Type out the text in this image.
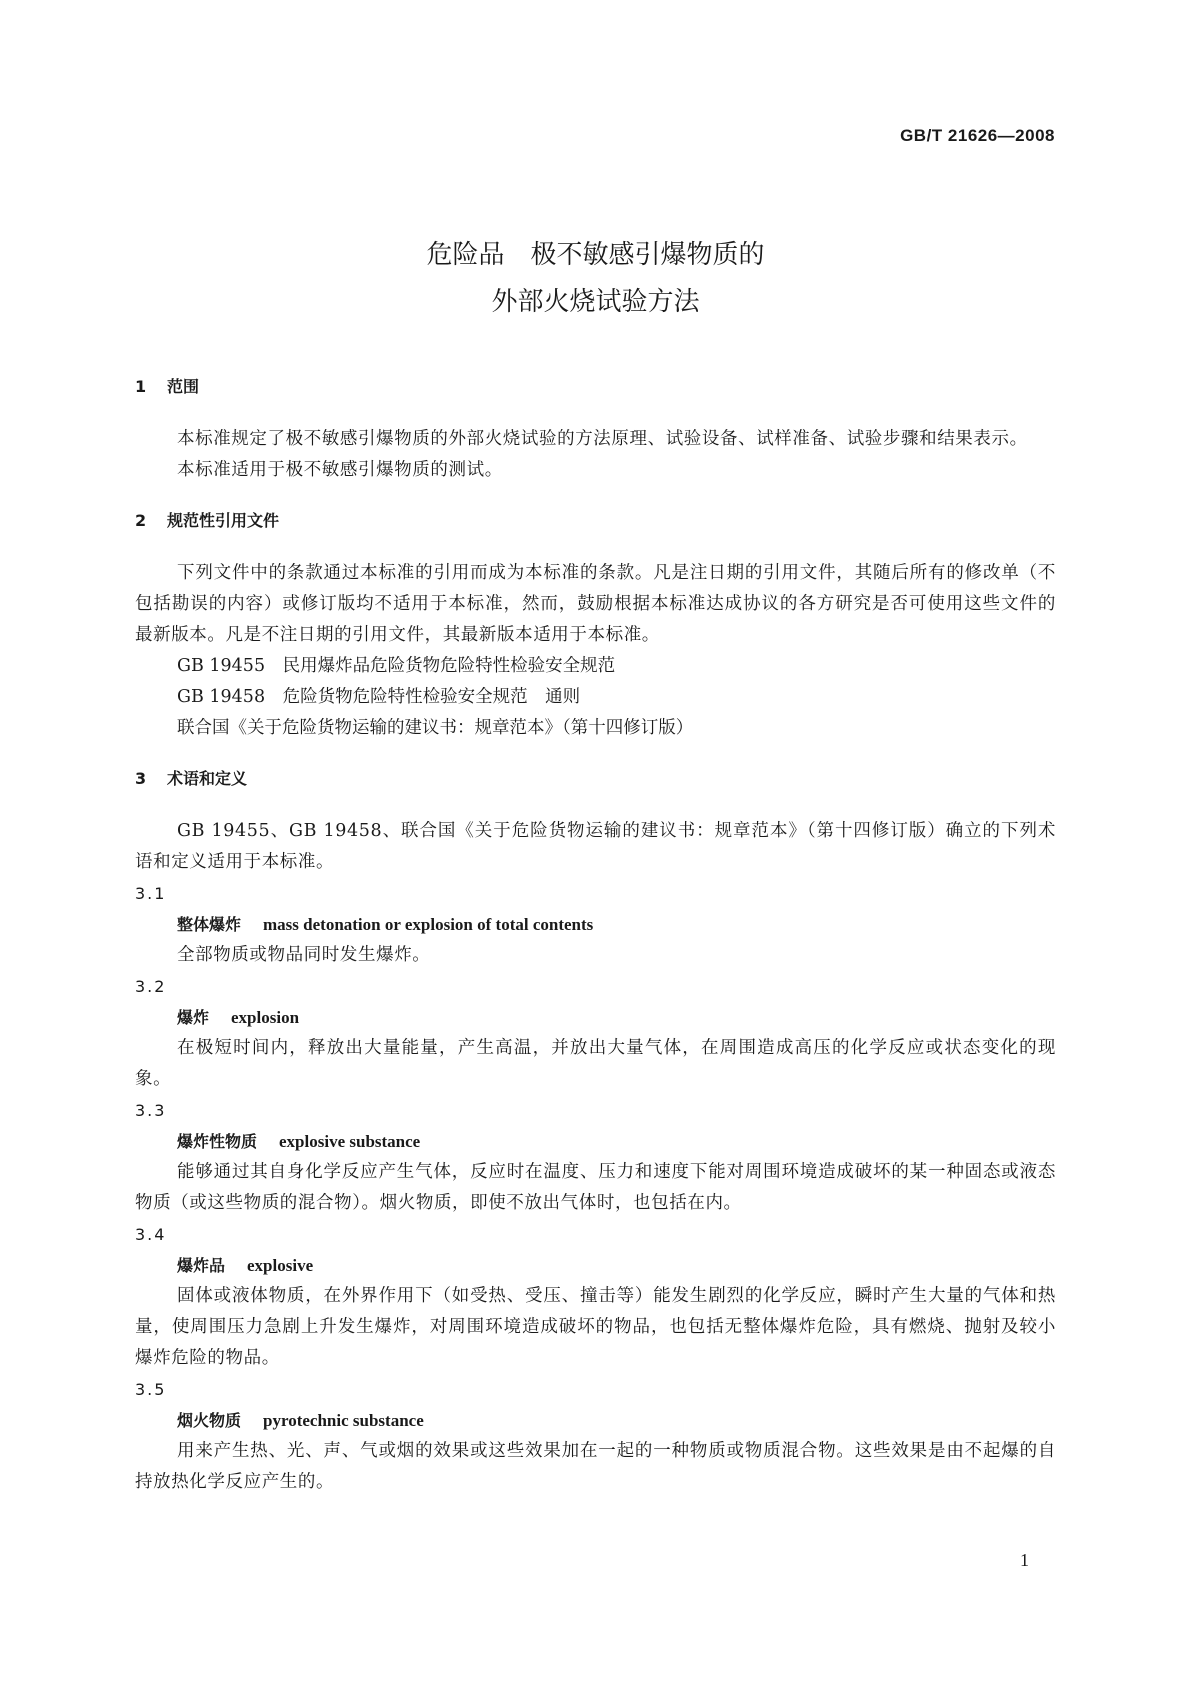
GB/T 21626—2008
危险品　极不敏感引爆物质的
外部火烧试验方法
1 范围
本标准规定了极不敏感引爆物质的外部火烧试验的方法原理、试验设备、试样准备、试验步骤和结果表示。
本标准适用于极不敏感引爆物质的测试。
2 规范性引用文件
下列文件中的条款通过本标准的引用而成为本标准的条款。凡是注日期的引用文件，其随后所有的修改单（不包括勘误的内容）或修订版均不适用于本标准，然而，鼓励根据本标准达成协议的各方研究是否可使用这些文件的最新版本。凡是不注日期的引用文件，其最新版本适用于本标准。
GB 19455　民用爆炸品危险货物危险特性检验安全规范
GB 19458　危险货物危险特性检验安全规范　通则
联合国《关于危险货物运输的建议书：规章范本》（第十四修订版）
3 术语和定义
GB 19455、GB 19458、联合国《关于危险货物运输的建议书：规章范本》（第十四修订版）确立的下列术语和定义适用于本标准。
3.1
整体爆炸 mass detonation or explosion of total contents
全部物质或物品同时发生爆炸。
3.2
爆炸 explosion
在极短时间内，释放出大量能量，产生高温，并放出大量气体，在周围造成高压的化学反应或状态变化的现象。
3.3
爆炸性物质 explosive substance
能够通过其自身化学反应产生气体，反应时在温度、压力和速度下能对周围环境造成破坏的某一种固态或液态物质（或这些物质的混合物）。烟火物质，即使不放出气体时，也包括在内。
3.4
爆炸品 explosive
固体或液体物质，在外界作用下（如受热、受压、撞击等）能发生剧烈的化学反应，瞬时产生大量的气体和热量，使周围压力急剧上升发生爆炸，对周围环境造成破坏的物品，也包括无整体爆炸危险，具有燃烧、抛射及较小爆炸危险的物品。
3.5
烟火物质 pyrotechnic substance
用来产生热、光、声、气或烟的效果或这些效果加在一起的一种物质或物质混合物。这些效果是由不起爆的自持放热化学反应产生的。
1
